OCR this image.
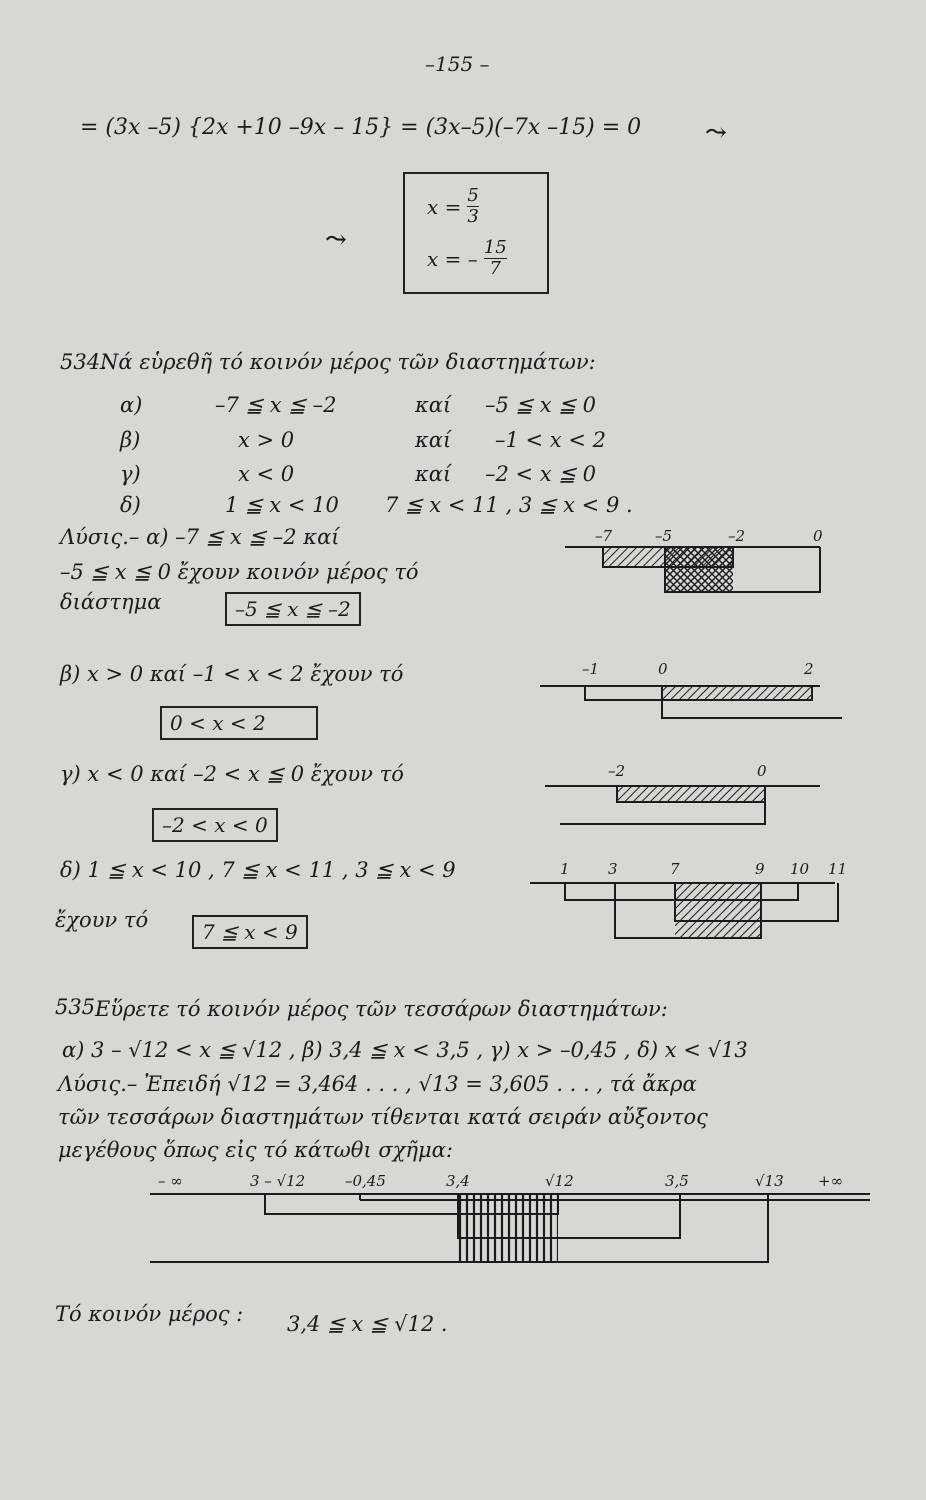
–155 –
= (3x –5) {2x +10 –9x – 15} = (3x–5)(–7x –15) = 0 ⤳
⤳
$x = \frac{5}{3}$
x = – $\frac{15}{7}$
534.
Νά εὑρεθῆ τό κοινόν μέρος τῶν διαστημάτων:
α)	–7 ≦ x ≦ –2	καί –5 ≦ x ≦ 0
β)	x > 0	καί –1 < x < 2
γ)	x < 0	καί –2 < x ≦ 0
δ)	1 ≦ x < 10 7 ≦ x < 11 , 3 ≦ x < 9 .
Λύσις.– α) –7 ≦ x ≦ –2 καί
–5 ≦ x ≦ 0 ἔχουν κοινόν μέρος τό
διάστημα	–5 ≦ x ≦ –2
–7	–5	–2	0
β) x > 0 καί –1 < x < 2 ἔχουν τό
0 < x < 2
–1	0	2
γ) x < 0 καί –2 < x ≦ 0 ἔχουν τό
–2 < x < 0
–2	0
δ) 1 ≦ x < 10 , 7 ≦ x < 11 , 3 ≦ x < 9
ἔχουν τό	7 ≦ x < 9
1	3	7	9 10 11
535.
Εὕρετε τό κοινόν μέρος τῶν τεσσάρων διαστημάτων:
α) 3 – √12 < x ≦ √12 , β) 3,4 ≦ x < 3,5 , γ) x > –0,45 , δ) x < √13
Λύσις.– Ἐπειδή √12 = 3,464 . . . , √13 = 3,605 . . . , τά ἄκρα
τῶν τεσσάρων διαστημάτων τίθενται κατά σειράν αὔξοντος
μεγέθους ὅπως εἰς τό κάτωθι σχῆμα:
– ∞	3 – √12	–0,45	3,4	√12	3,5	√13 +∞
Τό κοινόν μέρος : 3,4 ≦ x ≦ √12 .
